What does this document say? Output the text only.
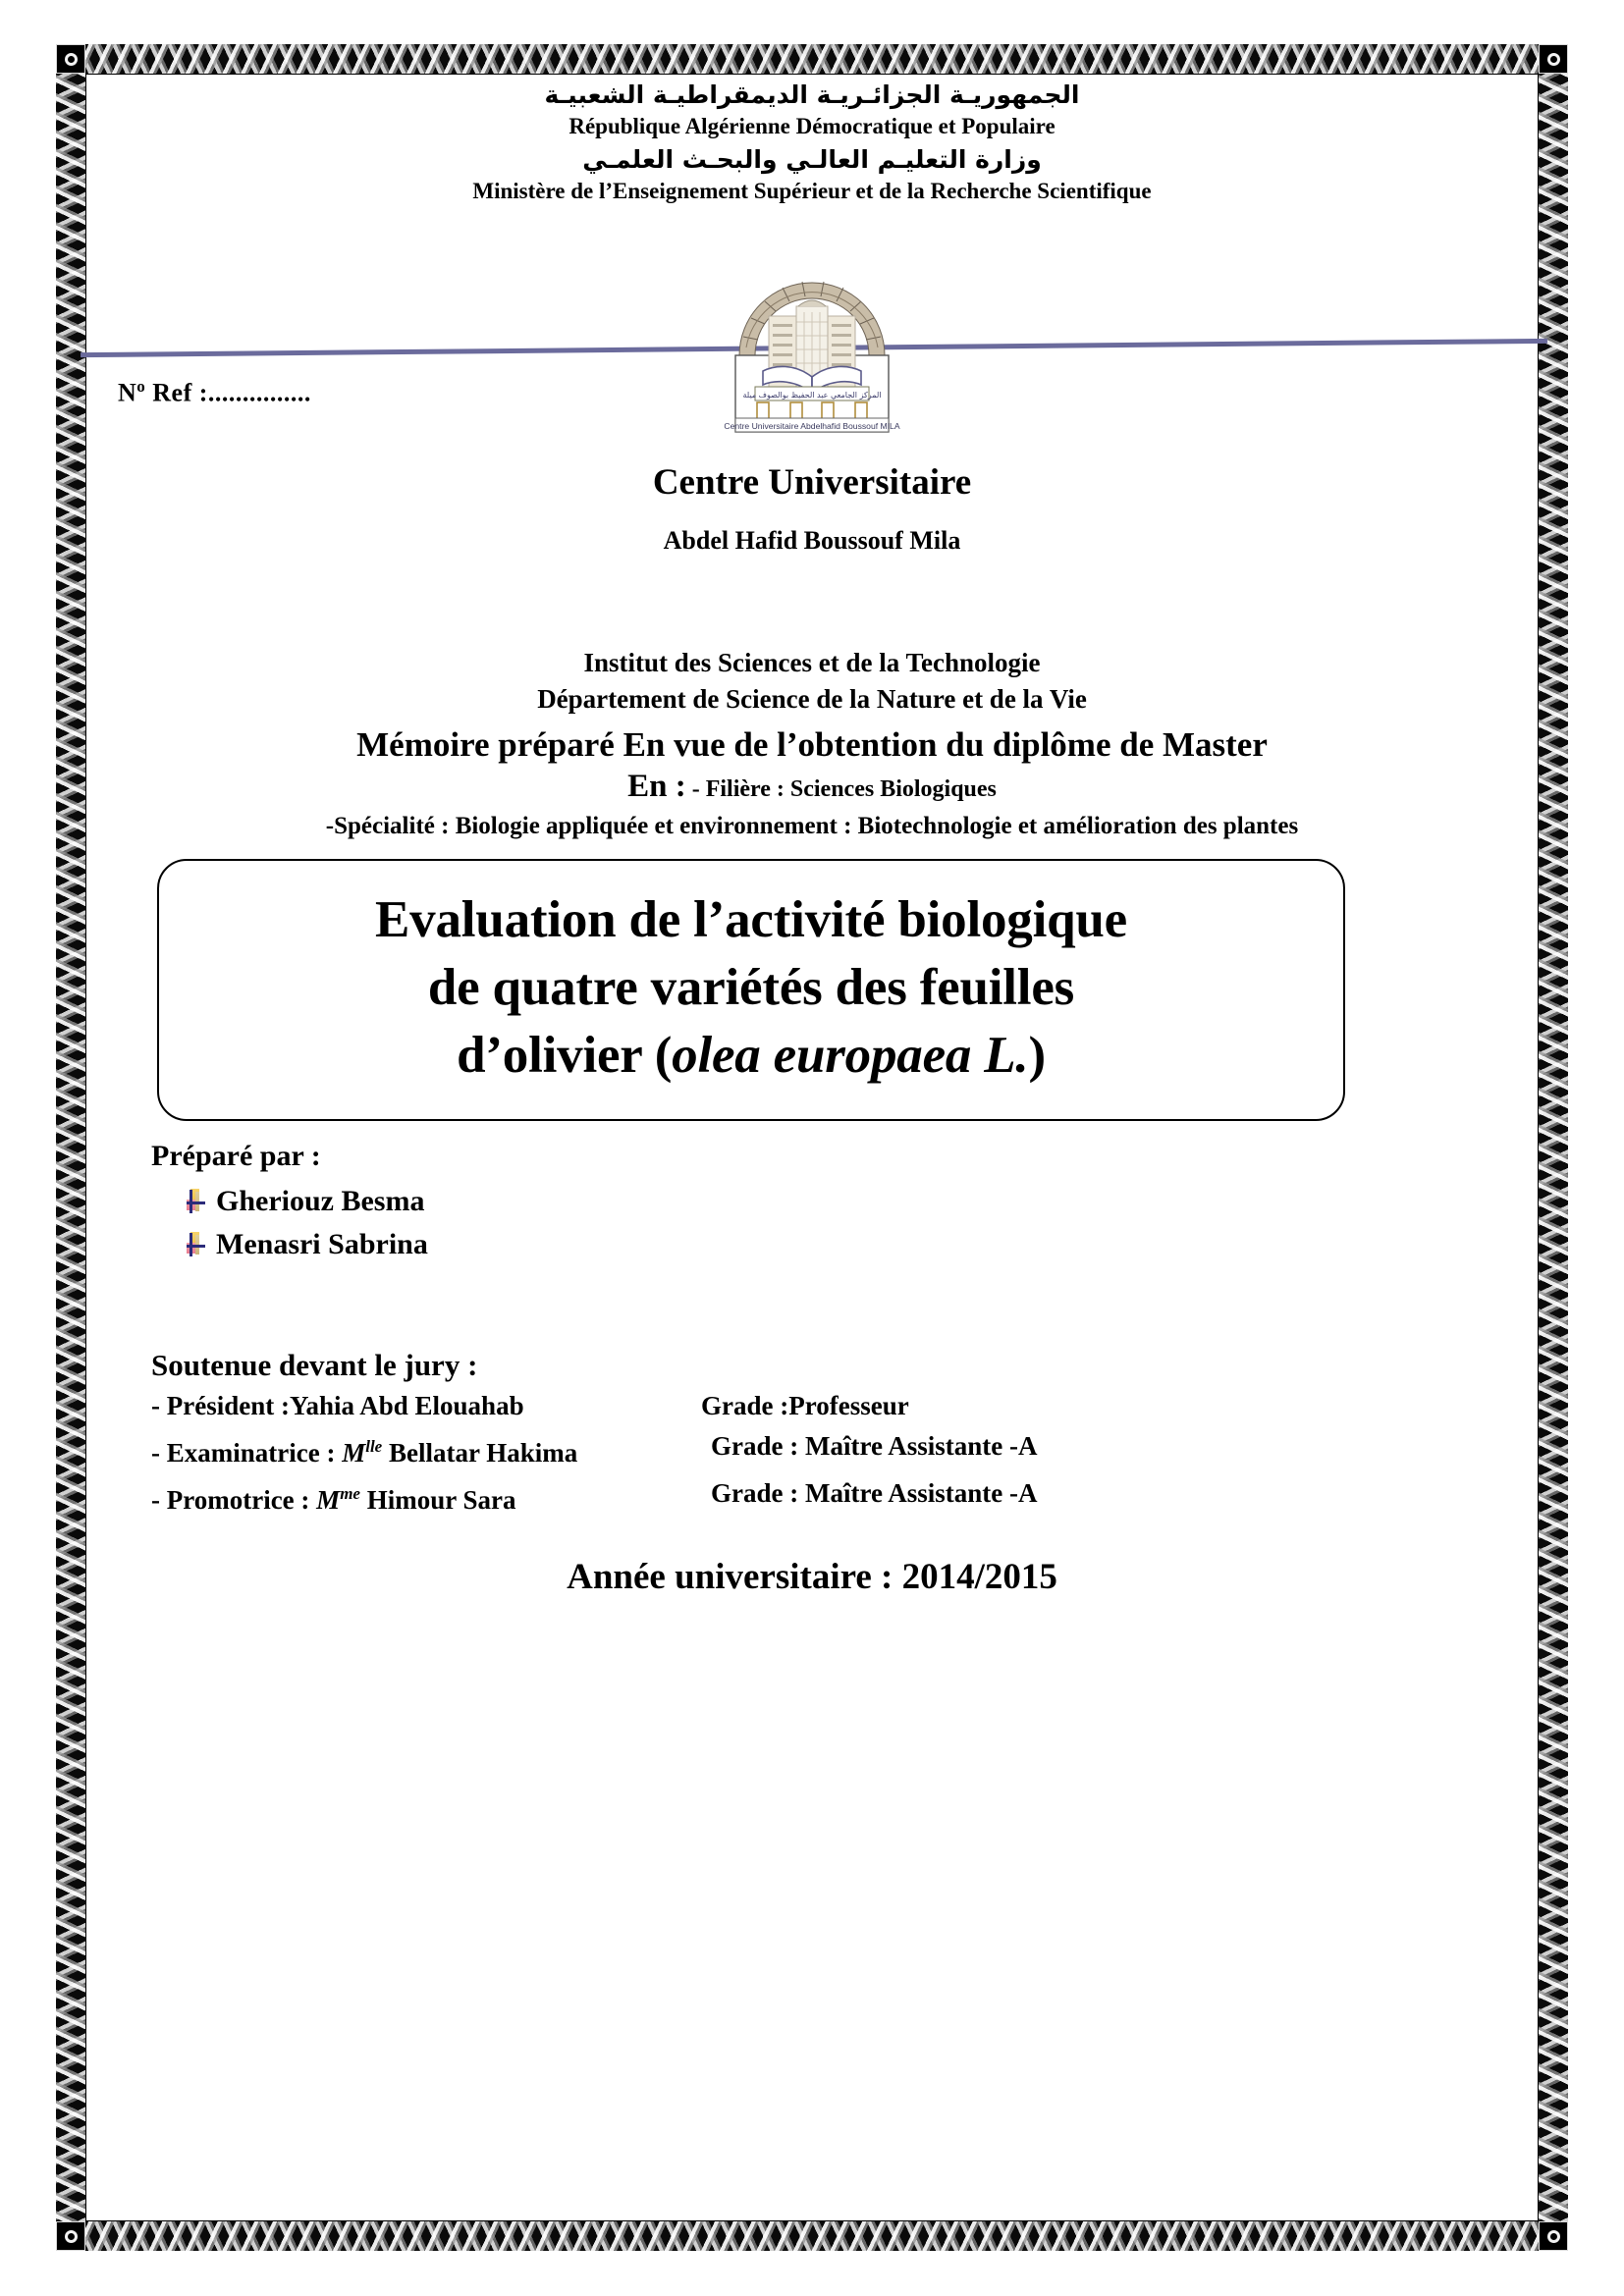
الجمهوريـة الجزائـريـة الديمقراطيـة الشعبيـة
République Algérienne Démocratique et Populaire
وزارة التعليـم العالـي والبحـث العلمـي
Ministère de l’Enseignement Supérieur et de la Recherche Scientifique
المركز الجامعي عبد الحفيظ بوالصوف ميلة
Centre Universitaire Abdelhafid Boussouf MILA
$N^o$ Ref :...............
Centre Universitaire
Abdel Hafid Boussouf Mila
Institut des Sciences et de la Technologie
Département de Science de la Nature et de la Vie
Mémoire préparé En vue de l’obtention du diplôme de Master
En : - Filière : Sciences Biologiques
-Spécialité : Biologie appliquée et environnement : Biotechnologie et amélioration des plantes
Evaluation de l’activité biologique
de quatre variétés des feuilles
d’olivier (olea europaea L.)
Préparé par :
Gheriouz Besma
Menasri Sabrina
Soutenue devant le jury :
- Président :Yahia Abd Elouahab	Grade :Professeur
- Examinatrice : $M^{lle}$ Bellatar Hakima	Grade : Maître Assistante -A
- Promotrice : $M^{me}$ Himour Sara	Grade : Maître Assistante -A
Année universitaire : 2014/2015
